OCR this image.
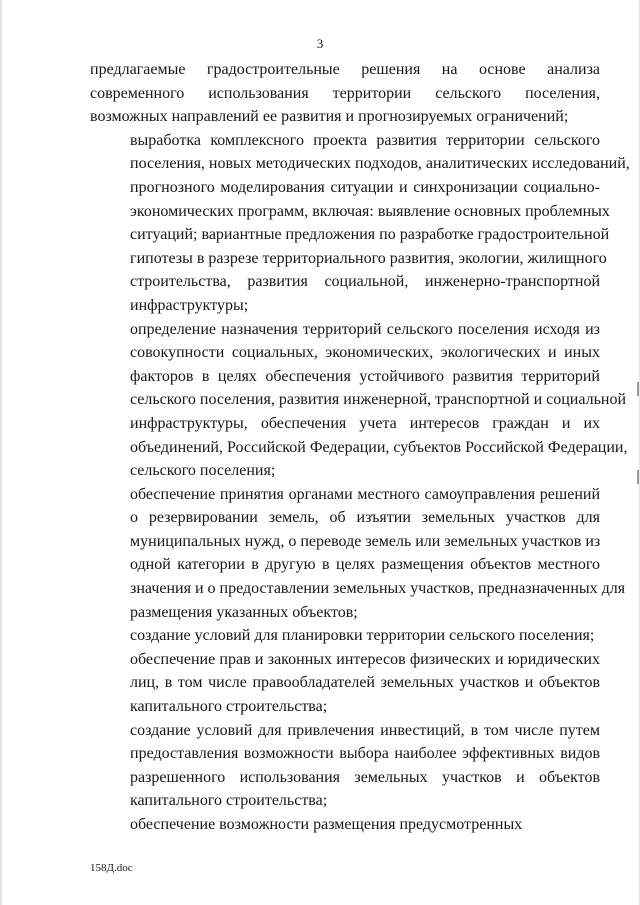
3

предлагаемые градостроительные решения на основе анализа
современного использования территории сельского поселения,
возможных направлений ее развития и прогнозируемых ограничений;

выработка комплексного проекта развития территории сельского
поселения, новых методических подходов, аналитических исследований,
прогнозного моделирования ситуации и синхронизации социально-
экономических программ, включая: выявление основных проблемных
ситуаций; вариантные предложения по разработке градостроительной
гипотезы в разрезе территориального развития, экологии, жилищного
строительства, развития социальной, инженерно-транспортной
инфраструктуры;

определение назначения территорий сельского поселения исходя из
совокупности социальных, экономических, экологических и иных
факторов в целях обеспечения устойчивого развития территорий
сельского поселения, развития инженерной, транспортной и социальной
инфраструктуры, обеспечения учета интересов граждан и их
объединений, Российской Федерации, субъектов Российской Федерации,
сельского поселения;

обеспечение принятия органами местного самоуправления решений
о резервировании земель, об изъятии земельных участков для
муниципальных нужд, о переводе земель или земельных участков из
одной категории в другую в целях размещения объектов местного
значения и о предоставлении земельных участков, предназначенных для
размещения указанных объектов;

создание условий для планировки территории сельского поселения;

обеспечение прав и законных интересов физических и юридических
лиц, в том числе правообладателей земельных участков и объектов
капитального строительства;

создание условий для привлечения инвестиций, в том числе путем
предоставления возможности выбора наиболее эффективных видов
разрешенного использования земельных участков и объектов
капитального строительства;

обеспечение возможности размещения предусмотренных

158Д.doc
